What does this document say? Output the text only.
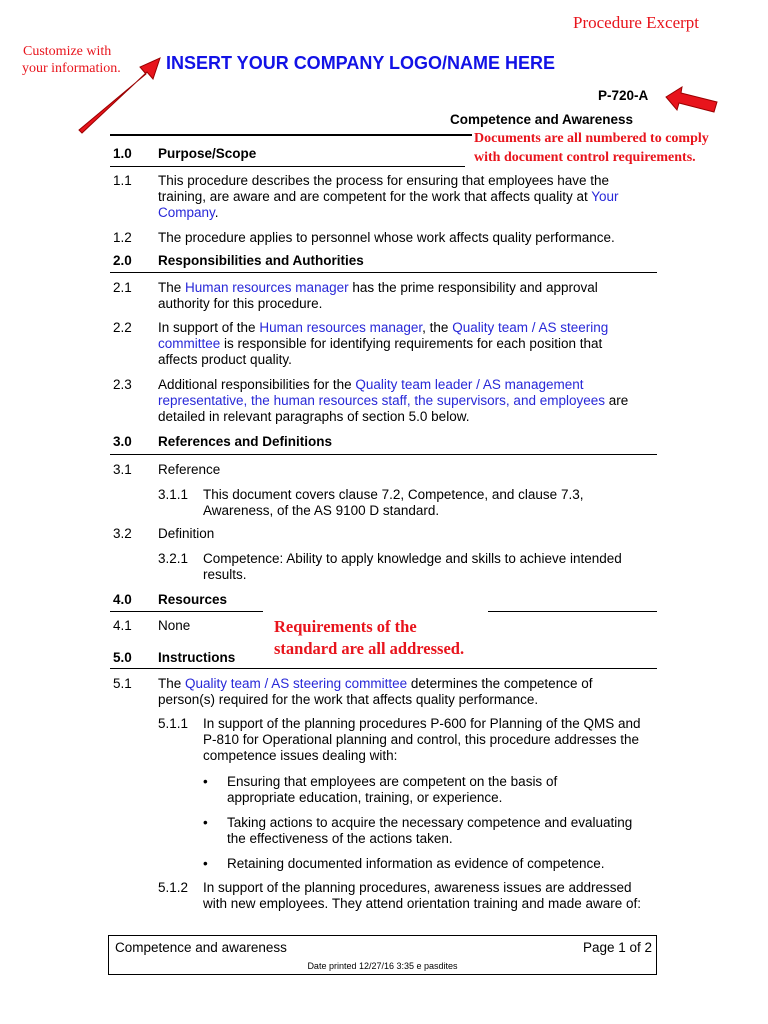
Procedure Excerpt
Customize with
your information.	INSERT YOUR COMPANY LOGO/NAME HERE
P-720-A
Competence and Awareness
Documents are all numbered to comply
with document control requirements.
1.0 Purpose/Scope
1.1 This procedure describes the process for ensuring that employees have the training, are aware and are competent for the work that affects quality at Your Company.
1.2 The procedure applies to personnel whose work affects quality performance.
2.0 Responsibilities and Authorities
2.1 The Human resources manager has the prime responsibility and approval authority for this procedure.
2.2 In support of the Human resources manager, the Quality team / AS steering committee is responsible for identifying requirements for each position that affects product quality.
2.3 Additional responsibilities for the Quality team leader / AS management representative, the human resources staff, the supervisors, and employees are detailed in relevant paragraphs of section 5.0 below.
3.0 References and Definitions
3.1 Reference
3.1.1 This document covers clause 7.2, Competence, and clause 7.3, Awareness, of the AS 9100 D standard.
3.2 Definition
3.2.1 Competence: Ability to apply knowledge and skills to achieve intended results.
4.0 Resources
4.1 None	Requirements of the
standard are all addressed.
5.0 Instructions
5.1 The Quality team / AS steering committee determines the competence of person(s) required for the work that affects quality performance.
5.1.1 In support of the planning procedures P-600 for Planning of the QMS and P-810 for Operational planning and control, this procedure addresses the competence issues dealing with:
• Ensuring that employees are competent on the basis of appropriate education, training, or experience.
• Taking actions to acquire the necessary competence and evaluating the effectiveness of the actions taken.
• Retaining documented information as evidence of competence.
5.1.2 In support of the planning procedures, awareness issues are addressed with new employees. They attend orientation training and made aware of:
Competence and awareness	Page 1 of 2
Date printed 12/27/16 3:35 e pasdites
